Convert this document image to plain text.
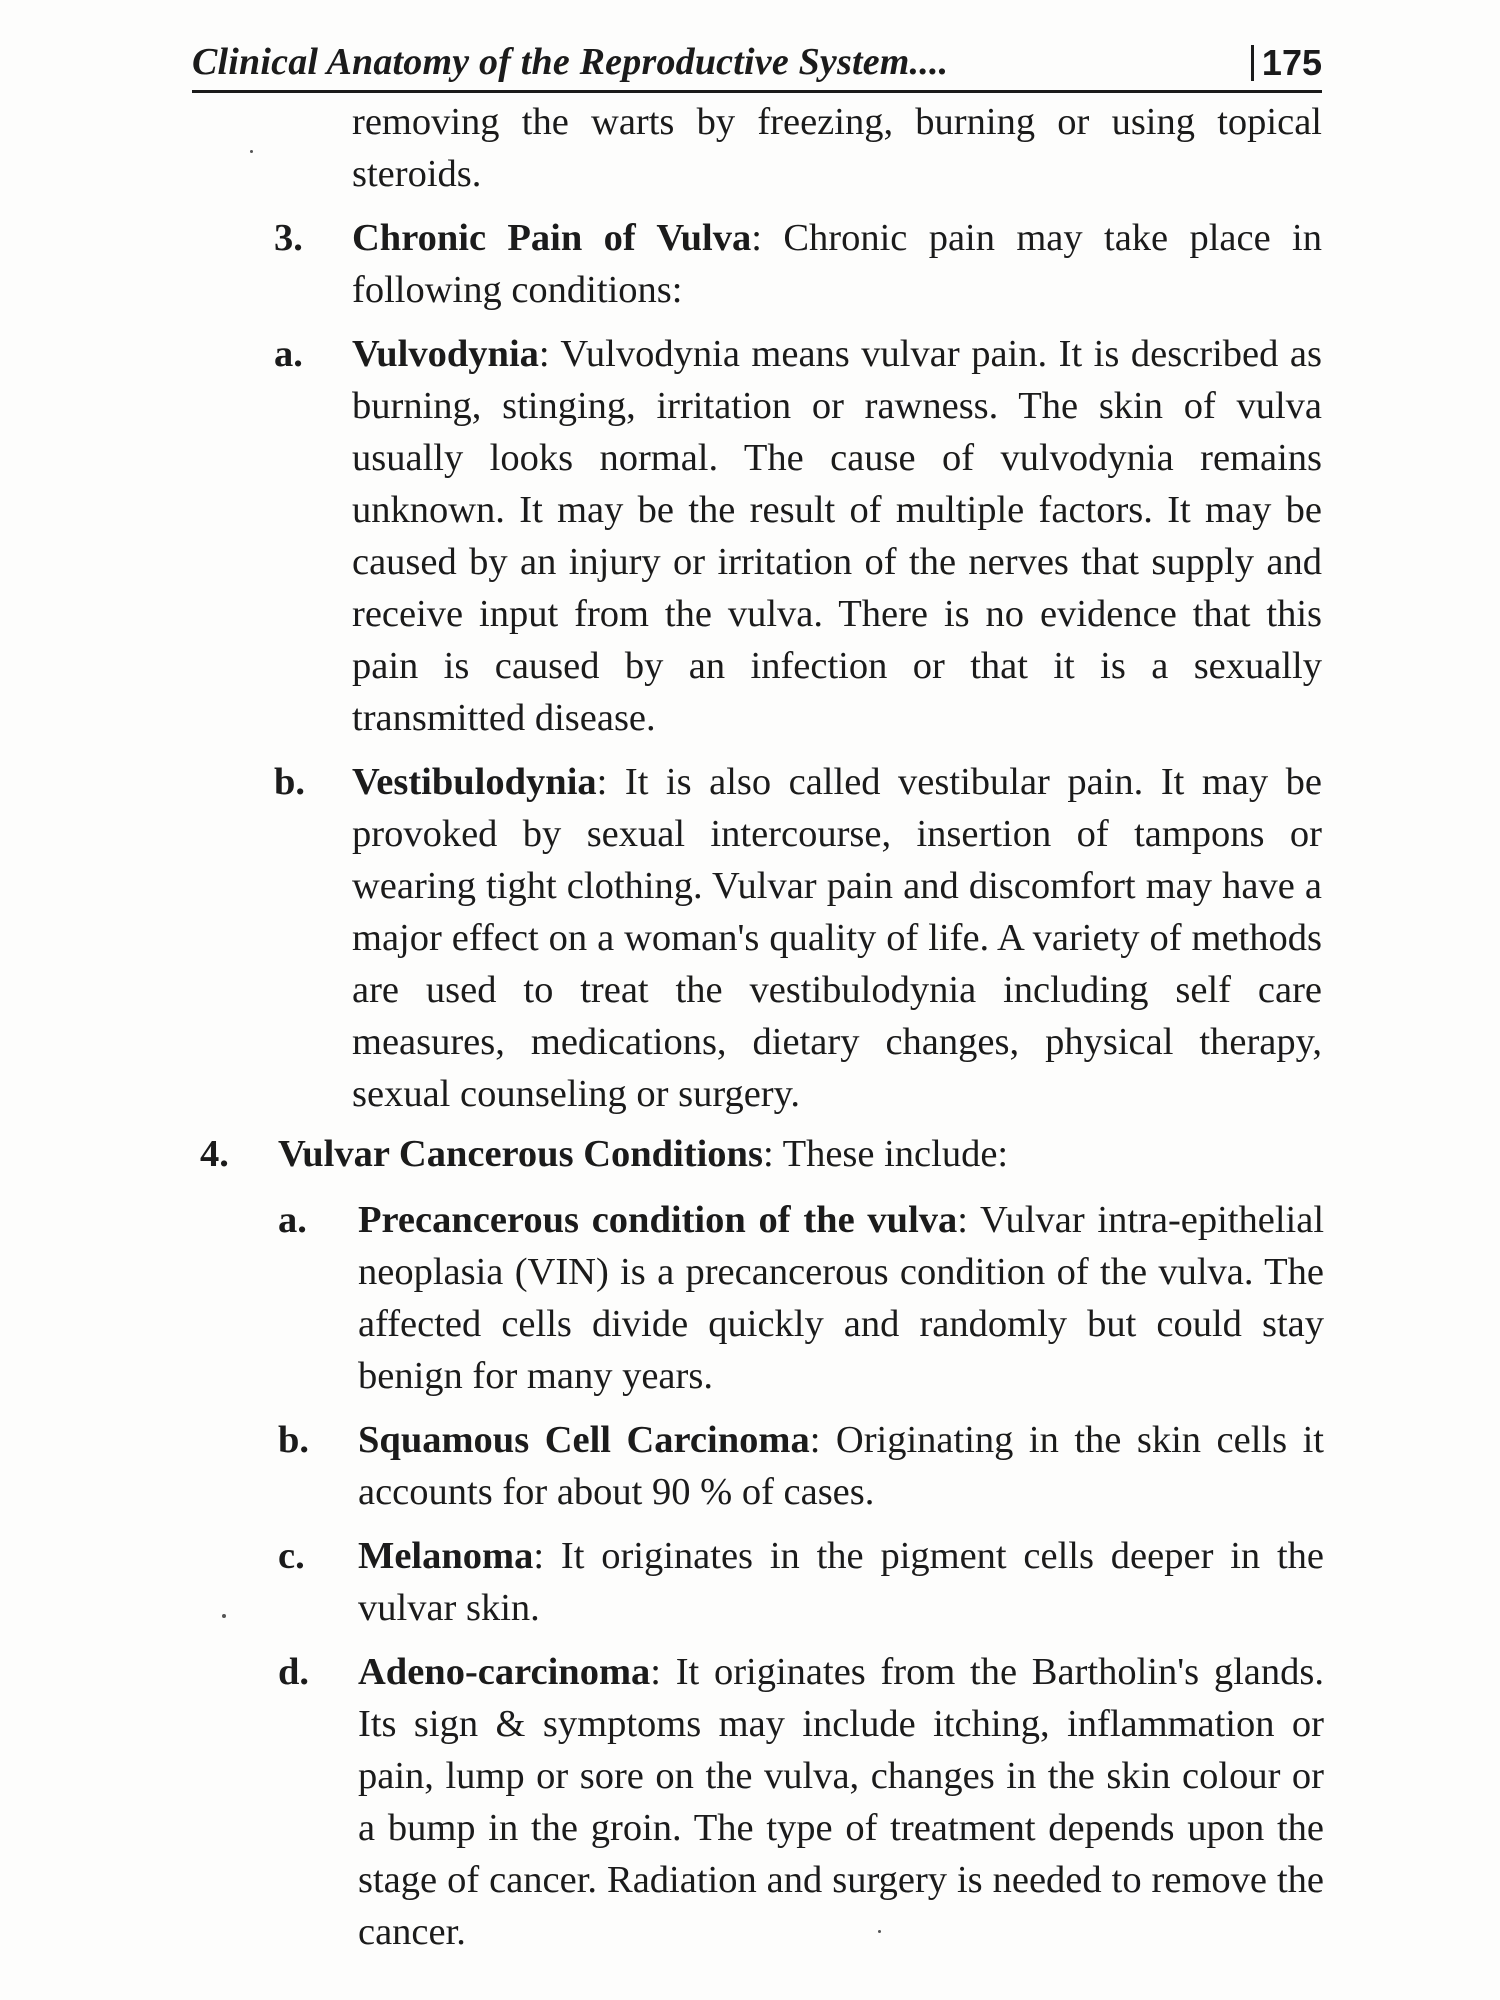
Clinical Anatomy of the Reproductive System....	175

removing the warts by freezing, burning or using topical steroids.

3. Chronic Pain of Vulva: Chronic pain may take place in following conditions:

a. Vulvodynia: Vulvodynia means vulvar pain. It is described as burning, stinging, irritation or rawness. The skin of vulva usually looks normal. The cause of vulvodynia remains unknown. It may be the result of multiple factors. It may be caused by an injury or irritation of the nerves that supply and receive input from the vulva. There is no evidence that this pain is caused by an infection or that it is a sexually transmitted disease.

b. Vestibulodynia: It is also called vestibular pain. It may be provoked by sexual intercourse, insertion of tampons or wearing tight clothing. Vulvar pain and discomfort may have a major effect on a woman's quality of life. A variety of methods are used to treat the vestibulodynia including self care measures, medications, dietary changes, physical therapy, sexual counseling or surgery.

4. Vulvar Cancerous Conditions: These include:

a. Precancerous condition of the vulva: Vulvar intra-epithelial neoplasia (VIN) is a precancerous condition of the vulva. The affected cells divide quickly and randomly but could stay benign for many years.

b. Squamous Cell Carcinoma: Originating in the skin cells it accounts for about 90 % of cases.

c. Melanoma: It originates in the pigment cells deeper in the vulvar skin.

d. Adeno-carcinoma: It originates from the Bartholin's glands. Its sign & symptoms may include itching, inflammation or pain, lump or sore on the vulva, changes in the skin colour or a bump in the groin. The type of treatment depends upon the stage of cancer. Radiation and surgery is needed to remove the cancer.
